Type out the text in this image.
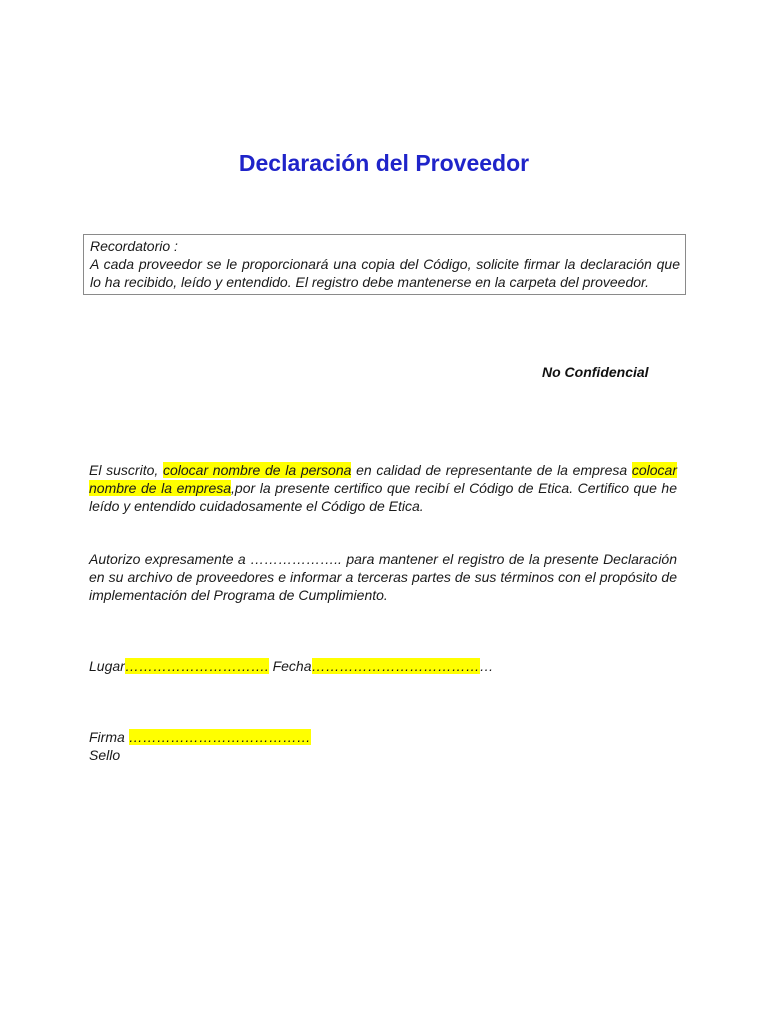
Declaración del Proveedor

Recordatorio :

A cada proveedor se le proporcionará una copia del Código, solicite firmar la declaración que lo ha recibido, leído y entendido. El registro debe mantenerse en la carpeta del proveedor.

No Confidencial

El suscrito, colocar nombre de la persona en calidad de representante de la empresa colocar nombre de la empresa,por la presente certifico que recibí el Código de Etica. Certifico que he leído y entendido cuidadosamente el Código de Etica.

Autorizo expresamente a ……………….. para mantener el registro de la presente Declaración en su archivo de proveedores e informar a terceras partes de sus términos con el propósito de implementación del Programa de Cumplimiento.

Lugar…………………………. Fecha…………………………………
Firma …………………………………
Sello
